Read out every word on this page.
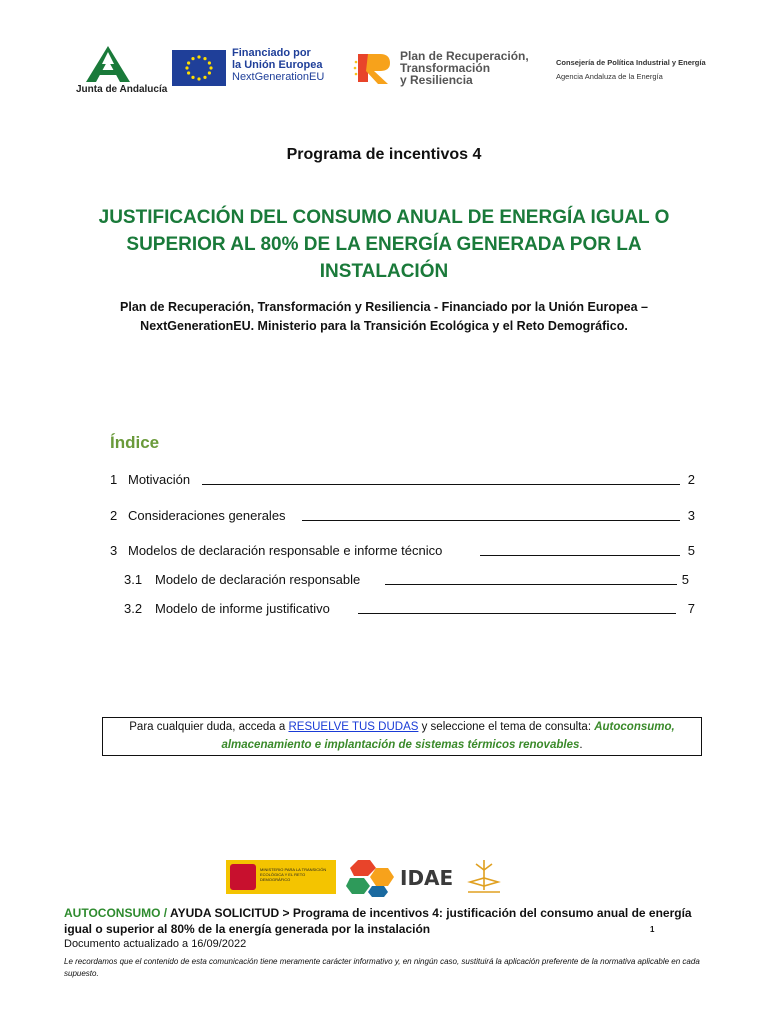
Junta de Andalucía
Financiado por
la Unión Europea
NextGenerationEU
Plan de Recuperación,
Transformación
y Resiliencia
Consejería de Política Industrial y Energía
Agencia Andaluza de la Energía
Programa de incentivos 4
JUSTIFICACIÓN DEL CONSUMO ANUAL DE ENERGÍA IGUAL O SUPERIOR AL 80% DE LA ENERGÍA GENERADA POR LA INSTALACIÓN
Plan de Recuperación, Transformación y Resiliencia - Financiado por la Unión Europea – NextGenerationEU. Ministerio para la Transición Ecológica y el Reto Demográfico.
Índice
1 Motivación	2
2 Consideraciones generales	3
3 Modelos de declaración responsable e informe técnico	5
3.1 Modelo de declaración responsable	5
3.2 Modelo de informe justificativo	7
Para cualquier duda, acceda a RESUELVE TUS DUDAS y seleccione el tema de consulta: Autoconsumo, almacenamiento e implantación de sistemas térmicos renovables.
MINISTERIO PARA LA TRANSICIÓN ECOLÓGICA Y EL RETO DEMOGRÁFICO	IDAE
AUTOCONSUMO / AYUDA SOLICITUD > Programa de incentivos 4: justificación del consumo anual de energía igual o superior al 80% de la energía generada por la instalación	1
Documento actualizado a 16/09/2022
Le recordamos que el contenido de esta comunicación tiene meramente carácter informativo y, en ningún caso, sustituirá la aplicación preferente de la normativa aplicable en cada supuesto.
